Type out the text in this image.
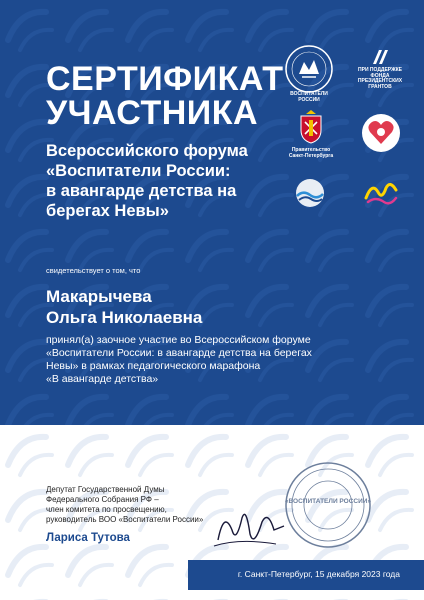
СЕРТИФИКАТ
УЧАСТНИКА
Всероссийского форума
«Воспитатели России:
в авангарде детства на
берегах Невы»
ВОСПИТАТЕЛИ РОССИИ
ПРИ ПОДДЕРЖКЕ
ФОНДА
ПРЕЗИДЕНТСКИХ
ГРАНТОВ
Правительство
Санкт-Петербурга
свидетельствует о том, что
Макарычева
Ольга Николаевна
принял(а) заочное участие во Всероссийском форуме
«Воспитатели России: в авангарде детства на берегах
Невы» в рамках педагогического марафона
«В авангарде детства»
Депутат Государственной Думы
Федерального Собрания РФ –
член комитета по просвещению,
руководитель ВОО «Воспитатели России»
Лариса Тутова
«ВОСПИТАТЕЛИ РОССИИ»
г. Санкт-Петербург, 15 декабря 2023 года
